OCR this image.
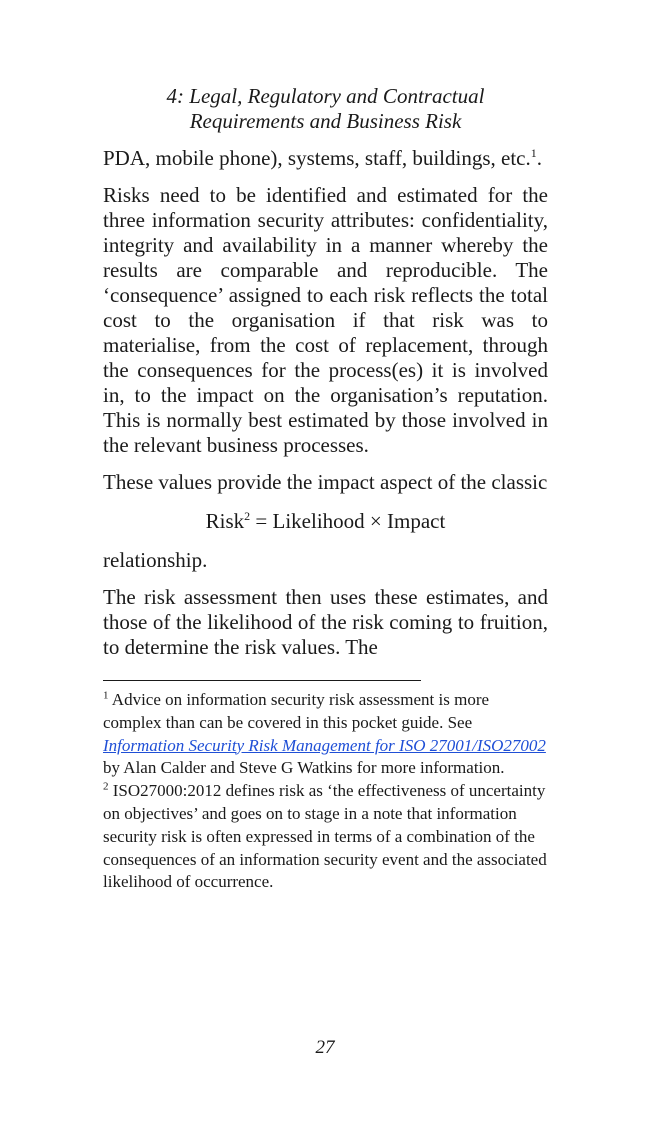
4: Legal, Regulatory and Contractual
Requirements and Business Risk

PDA, mobile phone), systems, staff, buildings, etc.$^1$.

Risks need to be identified and estimated for the three information security attributes: confidentiality, integrity and availability in a manner whereby the results are comparable and reproducible. The ‘consequence’ assigned to each risk reflects the total cost to the organisation if that risk was to materialise, from the cost of replacement, through the consequences for the process(es) it is involved in, to the impact on the organisation’s reputation. This is normally best estimated by those involved in the relevant business processes.

These values provide the impact aspect of the classic

Risk$^2$ = Likelihood × Impact

relationship.

The risk assessment then uses these estimates, and those of the likelihood of the risk coming to fruition, to determine the risk values. The

$^1$ Advice on information security risk assessment is more complex than can be covered in this pocket guide. See Information Security Risk Management for ISO 27001/ISO27002 by Alan Calder and Steve G Watkins for more information.

$^2$ ISO27000:2012 defines risk as ‘the effectiveness of uncertainty on objectives’ and goes on to stage in a note that information security risk is often expressed in terms of a combination of the consequences of an information security event and the associated likelihood of occurrence.

27
